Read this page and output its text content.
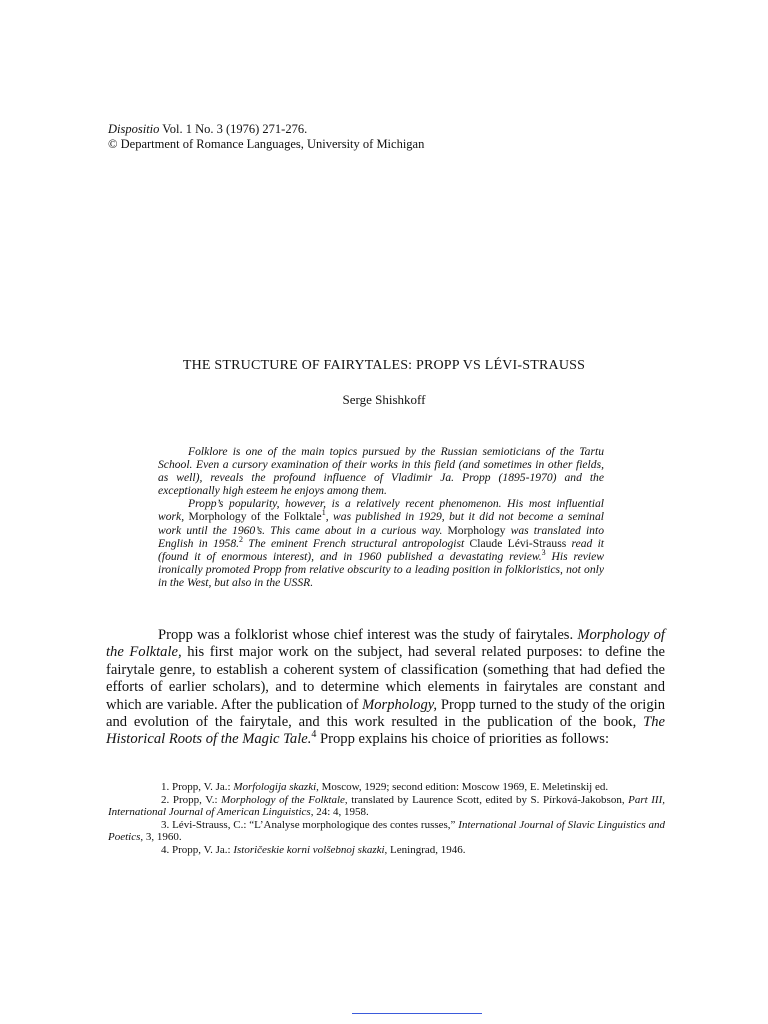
Dispositio Vol. 1 No. 3 (1976) 271-276.
© Department of Romance Languages, University of Michigan
THE STRUCTURE OF FAIRYTALES: PROPP VS LÉVI-STRAUSS
Serge Shishkoff

Folklore is one of the main topics pursued by the Russian semioticians of the Tartu School. Even a cursory examination of their works in this field (and sometimes in other fields, as well), reveals the profound influence of Vladimir Ja. Propp (1895-1970) and the exceptionally high esteem he enjoys among them.

Propp’s popularity, however, is a relatively recent phenomenon. His most influential work, Morphology of the Folktale$^1$, was published in 1929, but it did not become a seminal work until the 1960’s. This came about in a curious way. Morphology was translated into English in 1958.$^2$ The eminent French structural antropologist Claude Lévi-Strauss read it (found it of enormous interest), and in 1960 published a devastating review.$^3$ His review ironically promoted Propp from relative obscurity to a leading position in folkloristics, not only in the West, but also in the USSR.

Propp was a folklorist whose chief interest was the study of fairytales. Morphology of the Folktale, his first major work on the subject, had several related purposes: to define the fairytale genre, to establish a coherent system of classification (something that had defied the efforts of earlier scholars), and to determine which elements in fairytales are constant and which are variable. After the publication of Morphology, Propp turned to the study of the origin and evolution of the fairytale, and this work resulted in the publication of the book, The Historical Roots of the Magic Tale.$^4$ Propp explains his choice of priorities as follows:

1. Propp, V. Ja.: Morfologija skazki, Moscow, 1929; second edition: Moscow 1969, E. Meletinskij ed.

2. Propp, V.: Morphology of the Folktale, translated by Laurence Scott, edited by S. Pírková-Jakobson, Part III, International Journal of American Linguistics, 24: 4, 1958.

3. Lévi-Strauss, C.: “L’Analyse morphologique des contes russes,” International Journal of Slavic Linguistics and Poetics, 3, 1960.

4. Propp, V. Ja.: Istoričeskie korni volšebnoj skazki, Leningrad, 1946.
